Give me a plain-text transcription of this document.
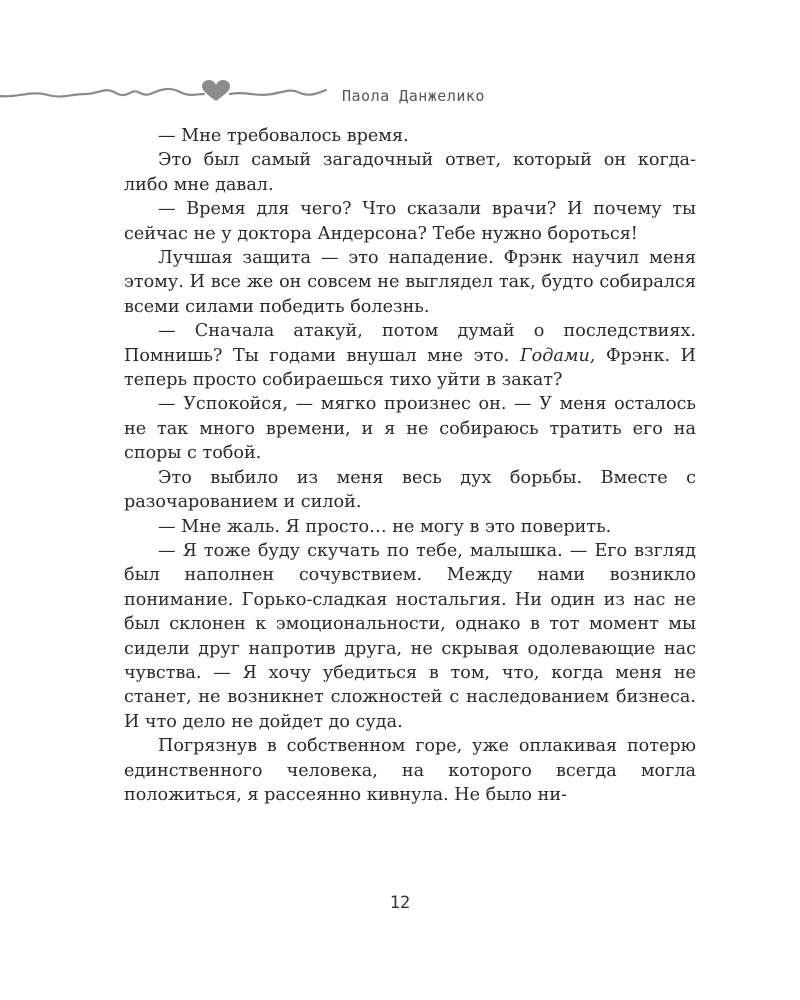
Паола Данжелико

— Мне требовалось время.

Это был самый загадочный ответ, который он когда-либо мне давал.

— Время для чего? Что сказали врачи? И почему ты сейчас не у доктора Андерсона? Тебе нужно бороться!

Лучшая защита — это нападение. Фрэнк научил меня этому. И все же он совсем не выглядел так, будто собирался всеми силами победить болезнь.

— Сначала атакуй, потом думай о последствиях. Помнишь? Ты годами внушал мне это. Годами, Фрэнк. И теперь просто собираешься тихо уйти в закат?

— Успокойся, — мягко произнес он. — У меня осталось не так много времени, и я не собираюсь тратить его на споры с тобой.

Это выбило из меня весь дух борьбы. Вместе с разочарованием и силой.

— Мне жаль. Я просто… не могу в это поверить.

— Я тоже буду скучать по тебе, малышка. — Его взгляд был наполнен сочувствием. Между нами возникло понимание. Горько-сладкая ностальгия. Ни один из нас не был склонен к эмоциональности, однако в тот момент мы сидели друг напротив друга, не скрывая одолевающие нас чувства. — Я хочу убедиться в том, что, когда меня не станет, не возникнет сложностей с наследованием бизнеса. И что дело не дойдет до суда.

Погрязнув в собственном горе, уже оплакивая потерю единственного человека, на которого всегда могла положиться, я рассеянно кивнула. Не было ни-

12
